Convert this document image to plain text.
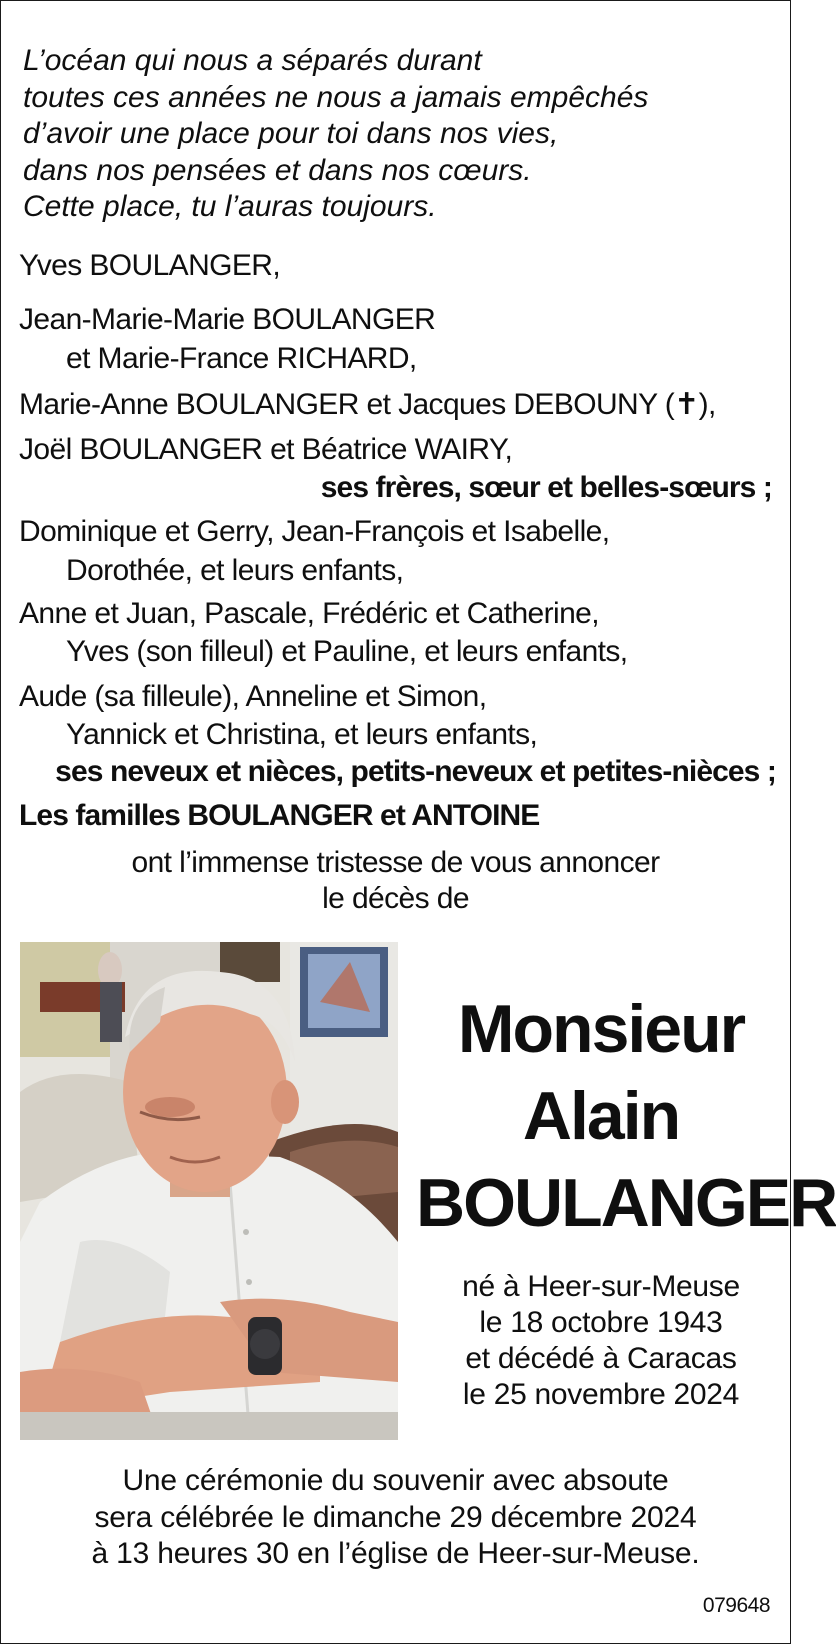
L’océan qui nous a séparés durant
toutes ces années ne nous a jamais empêchés
d’avoir une place pour toi dans nos vies,
dans nos pensées et dans nos cœurs.
Cette place, tu l’auras toujours.
Yves BOULANGER,
Jean-Marie-Marie BOULANGER
et Marie-France RICHARD,
Marie-Anne BOULANGER et Jacques DEBOUNY (✝),
Joël BOULANGER et Béatrice WAIRY,
ses frères, sœur et belles-sœurs ;
Dominique et Gerry, Jean-François et Isabelle,
Dorothée, et leurs enfants,
Anne et Juan, Pascale, Frédéric et Catherine,
Yves (son filleul) et Pauline, et leurs enfants,
Aude (sa filleule), Anneline et Simon,
Yannick et Christina, et leurs enfants,
ses neveux et nièces, petits-neveux et petites-nièces ;
Les familles BOULANGER et ANTOINE
ont l’immense tristesse de vous annoncer
le décès de
Monsieur
Alain
BOULANGER
né à Heer-sur-Meuse
le 18 octobre 1943
et décédé à Caracas
le 25 novembre 2024
Une cérémonie du souvenir avec absoute
sera célébrée le dimanche 29 décembre 2024
à 13 heures 30 en l’église de Heer-sur-Meuse.
079648
